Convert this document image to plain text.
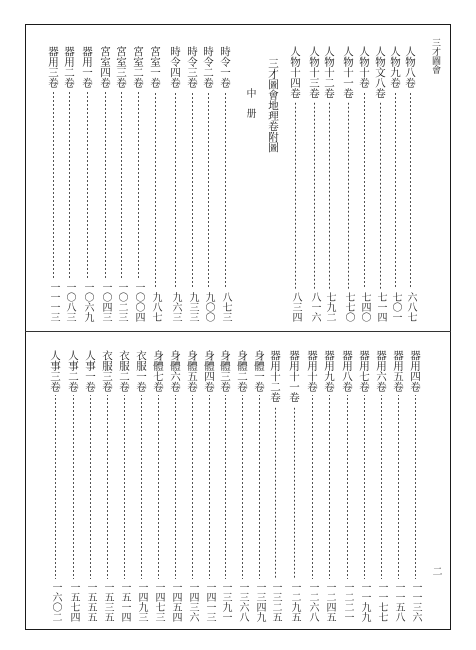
三才圖會
二
中　册 三才圖會地理卷附圖	人物八卷
六八七
人物九卷
七〇一
人物十卷
七四〇
人物十一卷
七七〇
人物十二卷
七九二
人物十三卷
八一六
人物十四卷
八三四
人物文八卷
七一四
時令一卷
八七三
時令二卷
九〇〇
時令三卷
九三三
時令四卷
九六三
宮室一卷
九八七
宮室二卷
一〇〇四
宮室三卷
一〇二三
宮室四卷
一〇四三
器用一卷
一〇六九
器用二卷
一〇八三
器用三卷
一一一三
器用四卷
一一三六
器用五卷
一一五八
器用六卷
一一七七
器用七卷
一一九九
器用八卷
一二二一
器用九卷
一二四五
器用十卷
一二六八
器用十一卷
一二九五
器用十二卷
一三二五
身體一卷
一三四九
身體二卷
一三六八
身體三卷
一三九一
身體四卷
一四一三
身體五卷
一四三六
身體六卷
一四五四
身體七卷
一四七三
衣服一卷
一四九三
衣服二卷
一五一四
衣服三卷
一五三五
人事一卷
一五五五
人事二卷
一五七四
人事三卷
一六〇二
